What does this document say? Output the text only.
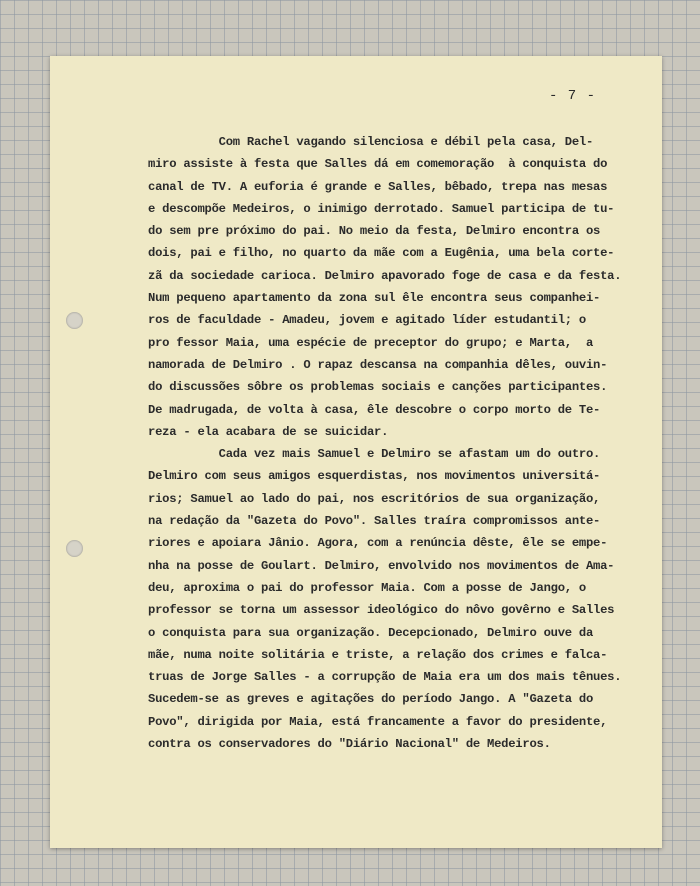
- 7 -
Com Rachel vagando silenciosa e débil pela casa, Del-
miro assiste à festa que Salles dá em comemoração  à conquista do
canal de TV. A euforia é grande e Salles, bêbado, trepa nas mesas
e descompõe Medeiros, o inimigo derrotado. Samuel participa de tu-
do sem pre próximo do pai. No meio da festa, Delmiro encontra os
dois, pai e filho, no quarto da mãe com a Eugênia, uma bela corte-
zã da sociedade carioca. Delmiro apavorado foge de casa e da festa.
Num pequeno apartamento da zona sul êle encontra seus companhei-
ros de faculdade - Amadeu, jovem e agitado líder estudantil; o
pro fessor Maia, uma espécie de preceptor do grupo; e Marta,  a
namorada de Delmiro . O rapaz descansa na companhia dêles, ouvin-
do discussões sôbre os problemas sociais e canções participantes.
De madrugada, de volta à casa, êle descobre o corpo morto de Te-
reza - ela acabara de se suicidar.
Cada vez mais Samuel e Delmiro se afastam um do outro.
Delmiro com seus amigos esquerdistas, nos movimentos universitá-
rios; Samuel ao lado do pai, nos escritórios de sua organização,
na redação da "Gazeta do Povo". Salles traíra compromissos ante-
riores e apoiara Jânio. Agora, com a renúncia dêste, êle se empe-
nha na posse de Goulart. Delmiro, envolvido nos movimentos de Ama-
deu, aproxima o pai do professor Maia. Com a posse de Jango, o
professor se torna um assessor ideológico do nôvo govêrno e Salles
o conquista para sua organização. Decepcionado, Delmiro ouve da
mãe, numa noite solitária e triste, a relação dos crimes e falca-
truas de Jorge Salles - a corrupção de Maia era um dos mais tênues.
Sucedem-se as greves e agitações do período Jango. A "Gazeta do
Povo", dirigida por Maia, está francamente a favor do presidente,
contra os conservadores do "Diário Nacional" de Medeiros.
